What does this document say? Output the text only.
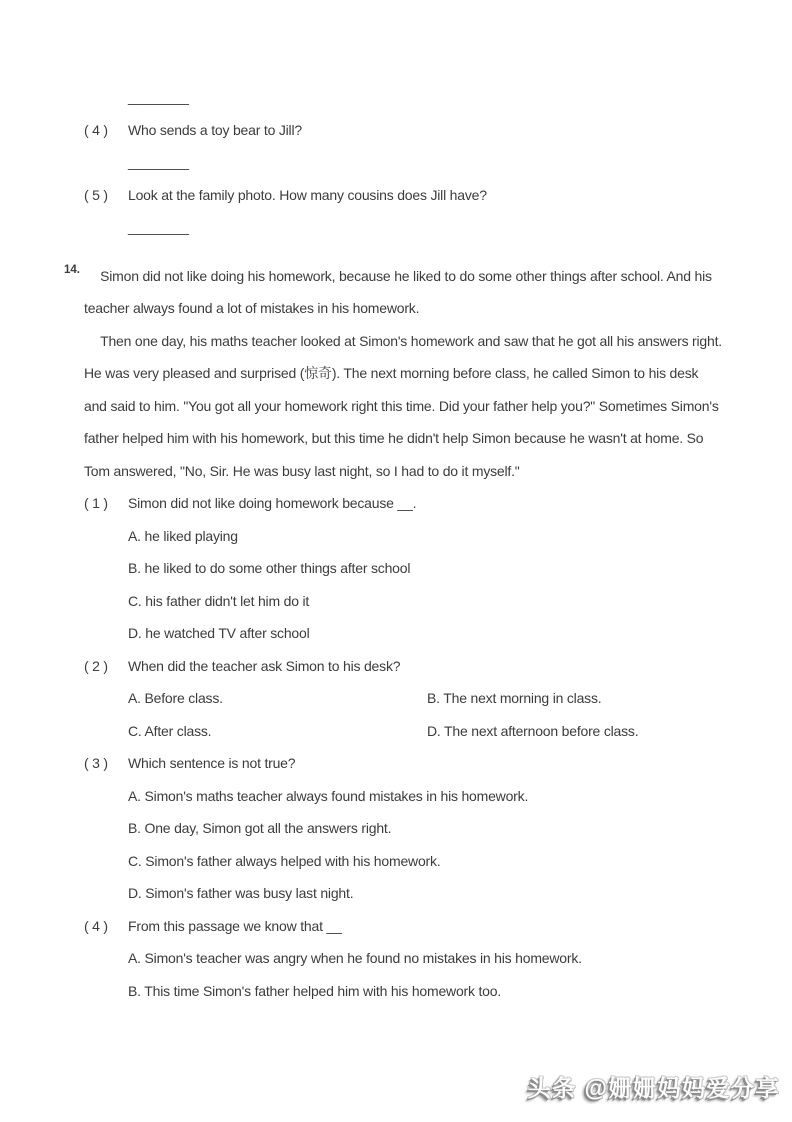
________
( 4 )	Who sends a toy bear to Jill?
________
( 5 )	Look at the family photo. How many cousins does Jill have?
________
14.	Simon did not like doing his homework, because he liked to do some other things after school. And his teacher always found a lot of mistakes in his homework.

Then one day, his maths teacher looked at Simon's homework and saw that he got all his answers right. He was very pleased and surprised (惊奇). The next morning before class, he called Simon to his desk and said to him. "You got all your homework right this time. Did your father help you?" Sometimes Simon's father helped him with his homework, but this time he didn't help Simon because he wasn't at home. So Tom answered, "No, Sir. He was busy last night, so I had to do it myself."

( 1 )	Simon did not like doing homework because __.
A. he liked playing
B. he liked to do some other things after school
C. his father didn't let him do it
D. he watched TV after school
( 2 )	When did the teacher ask Simon to his desk?
A. Before class.	B. The next morning in class.
C. After class.	D. The next afternoon before class.
( 3 )	Which sentence is not true?
A. Simon's maths teacher always found mistakes in his homework.
B. One day, Simon got all the answers right.
C. Simon's father always helped with his homework.
D. Simon's father was busy last night.
( 4 )	From this passage we know that __
A. Simon's teacher was angry when he found no mistakes in his homework.
B. This time Simon's father helped him with his homework too.
头条 @姗姗妈妈爱分享
